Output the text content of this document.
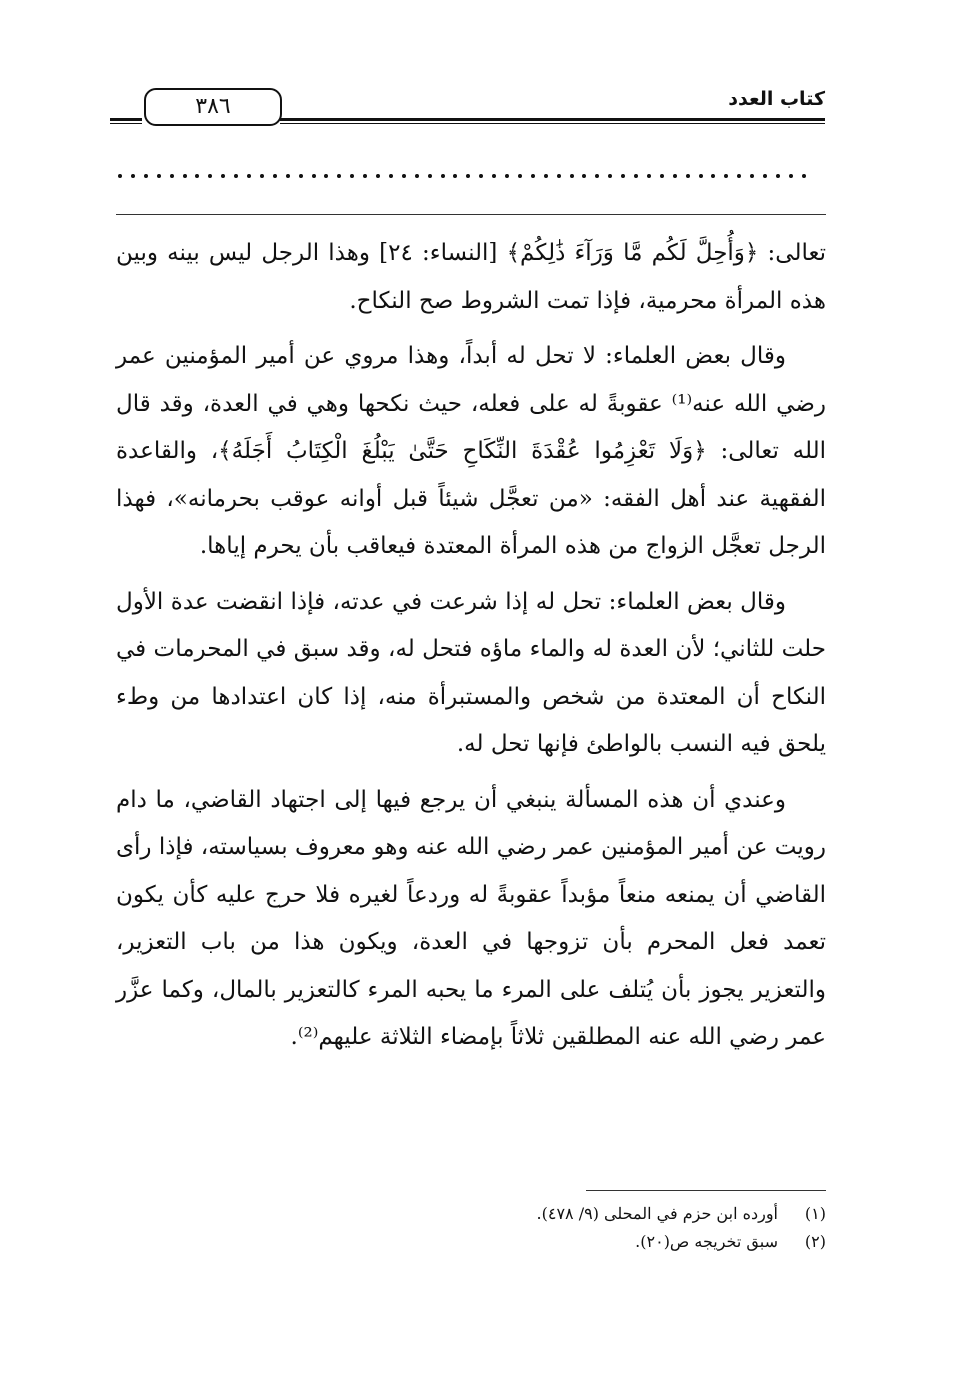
كتاب العدد
٣٨٦

تعالى: ﴿وَأُحِلَّ لَكُم مَّا وَرَآءَ ذَٰلِكُمْ﴾ [النساء: ٢٤] وهذا الرجل ليس بينه وبين هذه المرأة محرمية، فإذا تمت الشروط صح النكاح.

وقال بعض العلماء: لا تحل له أبداً، وهذا مروي عن أمير المؤمنين عمر رضي الله عنه⁽¹⁾ عقوبةً له على فعله، حيث نكحها وهي في العدة، وقد قال الله تعالى: ﴿وَلَا تَعْزِمُوا عُقْدَةَ النِّكَاحِ حَتَّىٰ يَبْلُغَ الْكِتَابُ أَجَلَهُ﴾، والقاعدة الفقهية عند أهل الفقه: «من تعجَّل شيئاً قبل أوانه عوقب بحرمانه»، فهذا الرجل تعجَّل الزواج من هذه المرأة المعتدة فيعاقب بأن يحرم إياها.

وقال بعض العلماء: تحل له إذا شرعت في عدته، فإذا انقضت عدة الأول حلت للثاني؛ لأن العدة له والماء ماؤه فتحل له، وقد سبق في المحرمات في النكاح أن المعتدة من شخص والمستبرأة منه، إذا كان اعتدادها من وطء يلحق فيه النسب بالواطئ فإنها تحل له.

وعندي أن هذه المسألة ينبغي أن يرجع فيها إلى اجتهاد القاضي، ما دام رويت عن أمير المؤمنين عمر رضي الله عنه وهو معروف بسياسته، فإذا رأى القاضي أن يمنعه منعاً مؤبداً عقوبةً له وردعاً لغيره فلا حرج عليه كأن يكون تعمد فعل المحرم بأن تزوجها في العدة، ويكون هذا من باب التعزير، والتعزير يجوز بأن يُتلف على المرء ما يحبه المرء كالتعزير بالمال، وكما عزَّر عمر رضي الله عنه المطلقين ثلاثاً بإمضاء الثلاثة عليهم⁽²⁾.

(١)
أورده ابن حزم في المحلى (٩/ ٤٧٨).
(٢)
سبق تخريجه ص(٢٠).
